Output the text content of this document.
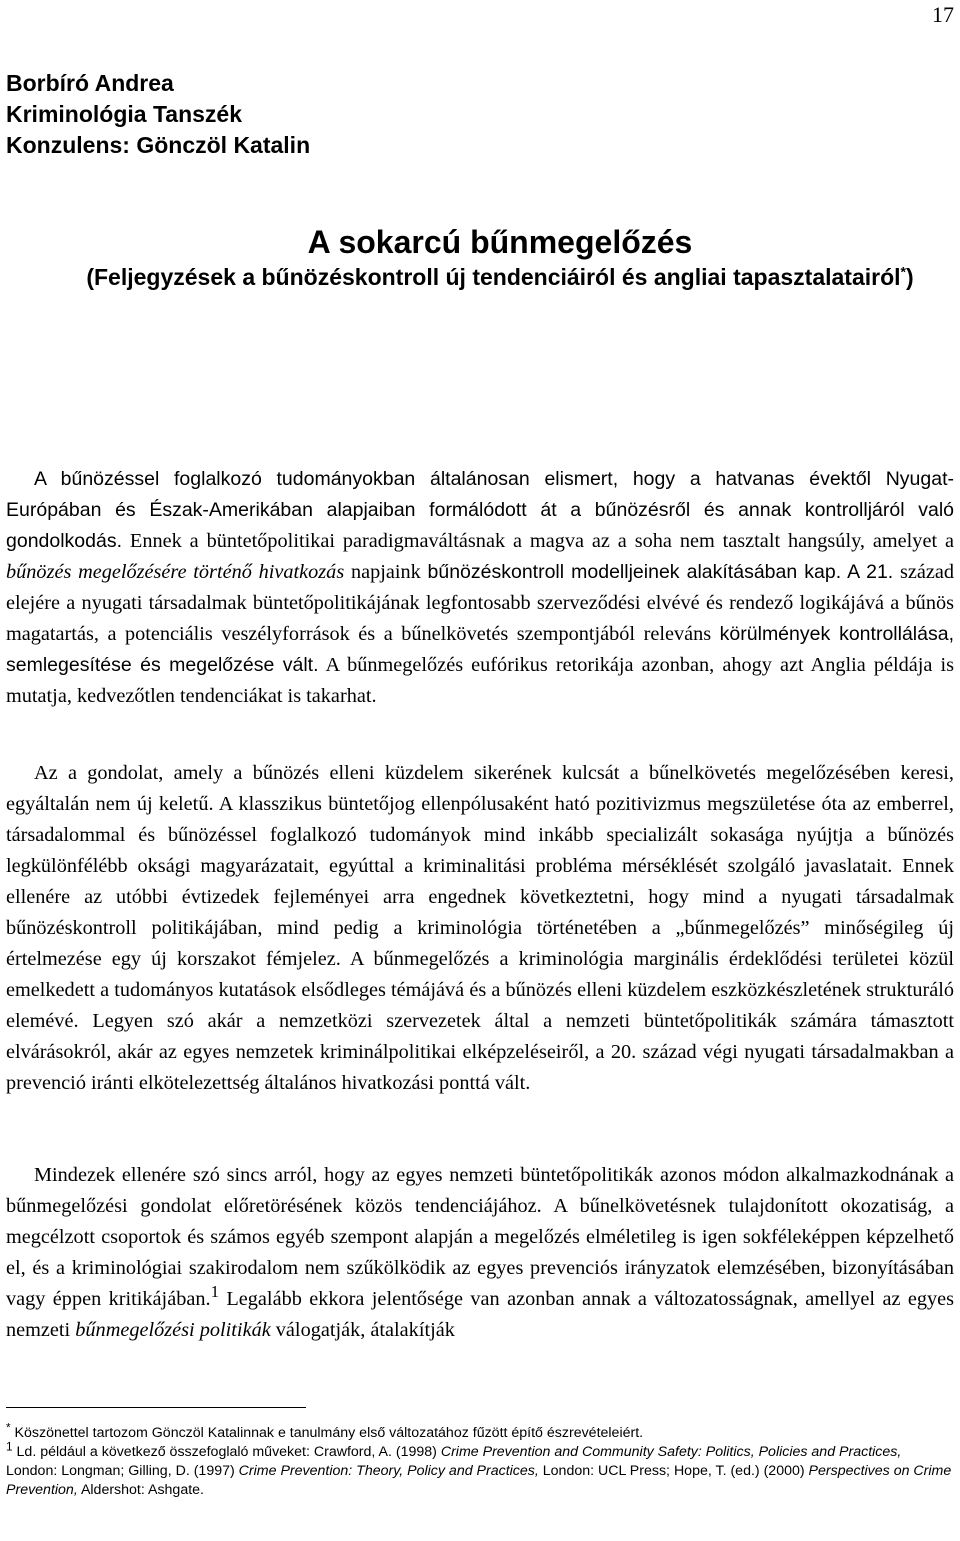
17
Borbíró Andrea
Kriminológia Tanszék
Konzulens: Gönczöl Katalin
A sokarcú bűnmegelőzés
(Feljegyzések a bűnözéskontroll új tendenciáiról és angliai tapasztalatairól*)

A bűnözéssel foglalkozó tudományokban általánosan elismert, hogy a hatvanas évektől Nyugat-Európában és Észak-Amerikában alapjaiban formálódott át a bűnözésről és annak kontrolljáról való gondolkodás. Ennek a büntetőpolitikai paradigmaváltásnak a magva az a soha nem tasztalt hangsúly, amelyet a bűnözés megelőzésére történő hivatkozás napjaink bűnözéskontroll modelljeinek alakításában kap. A 21. század elejére a nyugati társadalmak büntetőpolitikájának legfontosabb szerveződési elvévé és rendező logikájává a bűnös magatartás, a potenciális veszélyforrások és a bűnelkövetés szempontjából releváns körülmények kontrollálása, semlegesítése és megelőzése vált. A bűnmegelőzés eufórikus retorikája azonban, ahogy azt Anglia példája is mutatja, kedvezőtlen tendenciákat is takarhat.

Az a gondolat, amely a bűnözés elleni küzdelem sikerének kulcsát a bűnelkövetés megelőzésében keresi, egyáltalán nem új keletű. A klasszikus büntetőjog ellenpólusaként ható pozitivizmus megszületése óta az emberrel, társadalommal és bűnözéssel foglalkozó tudományok mind inkább specializált sokasága nyújtja a bűnözés legkülönfélébb oksági magyarázatait, egyúttal a kriminalitási probléma mérséklését szolgáló javaslatait. Ennek ellenére az utóbbi évtizedek fejleményei arra engednek következtetni, hogy mind a nyugati társadalmak bűnözéskontroll politikájában, mind pedig a kriminológia történetében a „bűnmegelőzés” minőségileg új értelmezése egy új korszakot fémjelez. A bűnmegelőzés a kriminológia marginális érdeklődési területei közül emelkedett a tudományos kutatások elsődleges témájává és a bűnözés elleni küzdelem eszközkészletének strukturáló elemévé. Legyen szó akár a nemzetközi szervezetek által a nemzeti büntetőpolitikák számára támasztott elvárásokról, akár az egyes nemzetek kriminálpolitikai elképzeléseiről, a 20. század végi nyugati társadalmakban a prevenció iránti elkötelezettség általános hivatkozási ponttá vált.

Mindezek ellenére szó sincs arról, hogy az egyes nemzeti büntetőpolitikák azonos módon alkalmazkodnának a bűnmegelőzési gondolat előretörésének közös tendenciájához. A bűnelkövetésnek tulajdonított okozatiság, a megcélzott csoportok és számos egyéb szempont alapján a megelőzés elméletileg is igen sokféleképpen képzelhető el, és a kriminológiai szakirodalom nem szűkölködik az egyes prevenciós irányzatok elemzésében, bizonyításában vagy éppen kritikájában.$^1$ Legalább ekkora jelentősége van azonban annak a változatosságnak, amellyel az egyes nemzeti bűnmegelőzési politikák válogatják, átalakítják

* Köszönettel tartozom Gönczöl Katalinnak e tanulmány első változatához fűzött építő észrevételeiért.

$^1$ Ld. például a következő összefoglaló műveket: Crawford, A. (1998) Crime Prevention and Community Safety: Politics, Policies and Practices, London: Longman; Gilling, D. (1997) Crime Prevention: Theory, Policy and Practices, London: UCL Press; Hope, T. (ed.) (2000) Perspectives on Crime Prevention, Aldershot: Ashgate.
